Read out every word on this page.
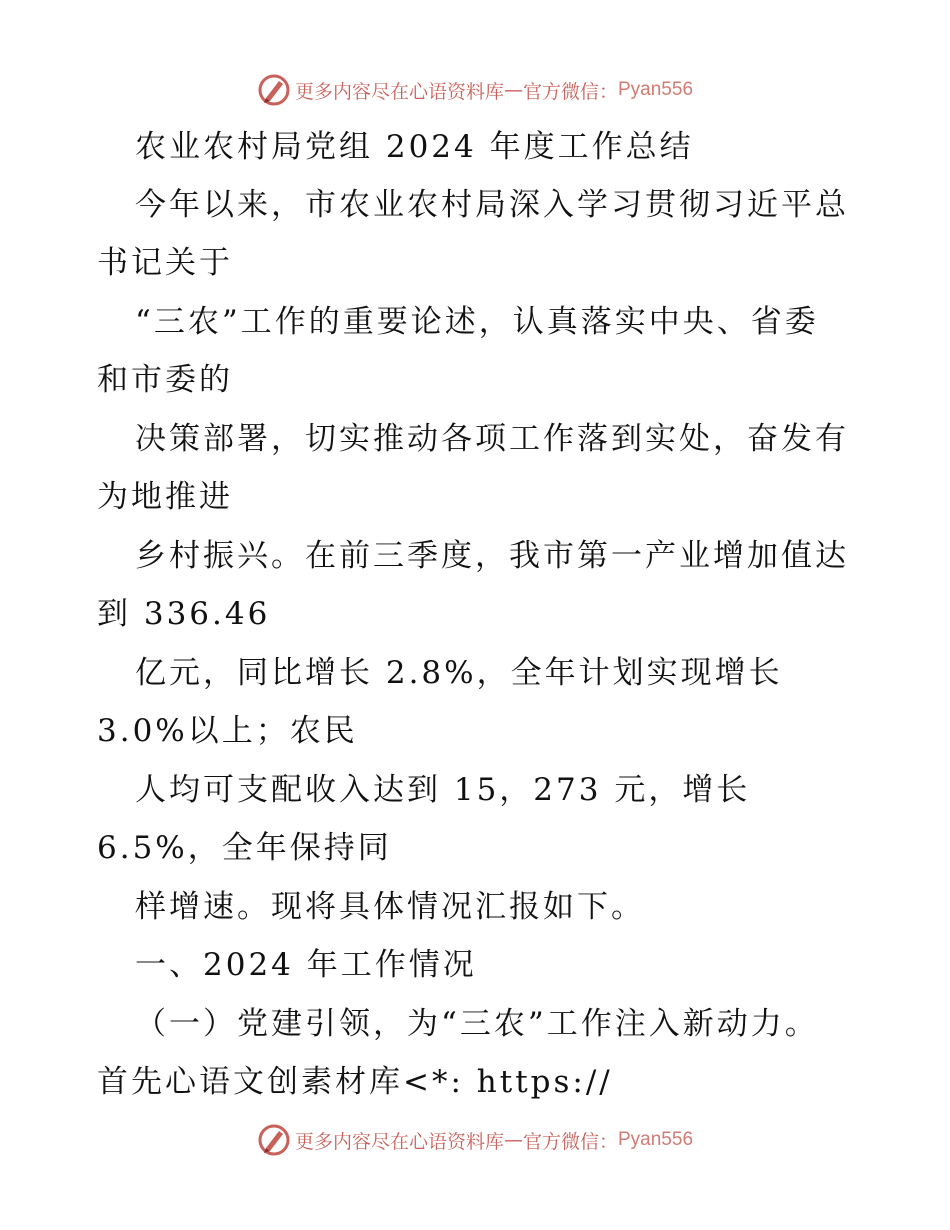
更多内容尽在心语资料库 — 官方微信： Pyan556
农业农村局党组 2024 年度工作总结
今年以来，市农业农村局深入学习贯彻习近平总
书记关于
“三农”工作的重要论述，认真落实中央、省委
和市委的
决策部署，切实推动各项工作落到实处，奋发有
为地推进
乡村振兴。在前三季度，我市第一产业增加值达
到 336.46
亿元，同比增长 2.8%，全年计划实现增长
3.0%以上；农民
人均可支配收入达到 15，273 元，增长
6.5%，全年保持同
样增速。现将具体情况汇报如下。
一、2024 年工作情况
（一）党建引领，为“三农”工作注入新动力。
首先心语文创素材库<*: https://
更多内容尽在心语资料库 — 官方微信： Pyan556
